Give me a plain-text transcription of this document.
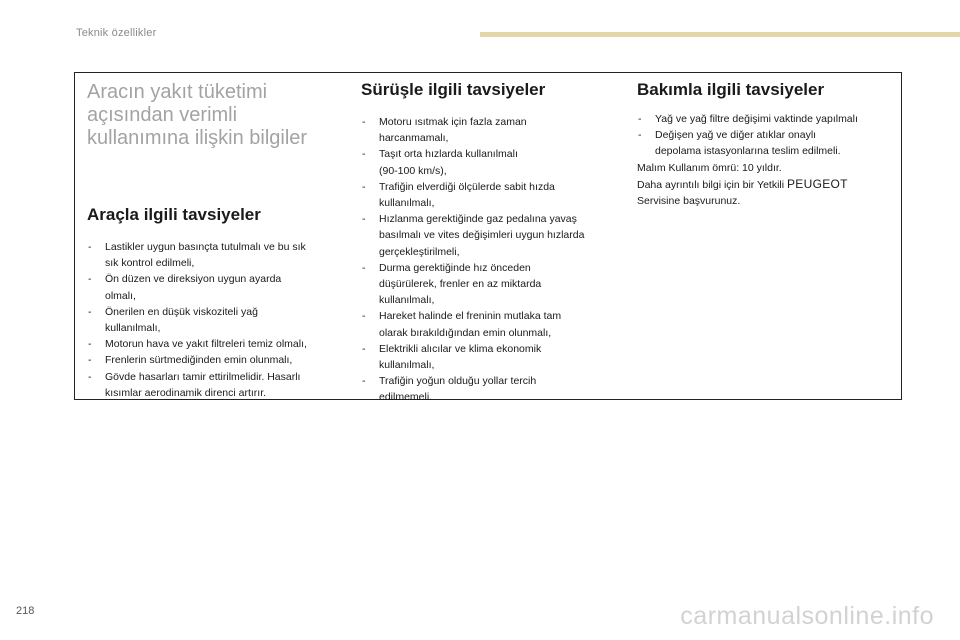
Teknik özellikler
Aracın yakıt tüketimi
açısından verimli
kullanımına ilişkin bilgiler
Araçla ilgili tavsiyeler
- Lastikler uygun basınçta tutulmalı ve bu sık
sık kontrol edilmeli,
- Ön düzen ve direksiyon uygun ayarda
olmalı,
- Önerilen en düşük viskoziteli yağ
kullanılmalı,
- Motorun hava ve yakıt filtreleri temiz olmalı,
- Frenlerin sürtmediğinden emin olunmalı,
- Gövde hasarları tamir ettirilmelidir. Hasarlı
kısımlar aerodinamik direnci artırır.
Sürüşle ilgili tavsiyeler
- Motoru ısıtmak için fazla zaman
harcanmamalı,
- Taşıt orta hızlarda kullanılmalı
(90-100 km/s),
- Trafiğin elverdiği ölçülerde sabit hızda
kullanılmalı,
- Hızlanma gerektiğinde gaz pedalına yavaş
basılmalı ve vites değişimleri uygun hızlarda
gerçekleştirilmeli,
- Durma gerektiğinde hız önceden
düşürülerek, frenler en az miktarda
kullanılmalı,
- Hareket halinde el freninin mutlaka tam
olarak bırakıldığından emin olunmalı,
- Elektrikli alıcılar ve klima ekonomik
kullanılmalı,
- Trafiğin yoğun olduğu yollar tercih
edilmemeli.
Bakımla ilgili tavsiyeler
- Yağ ve yağ filtre değişimi vaktinde yapılmalı
- Değişen yağ ve diğer atıklar onaylı
depolama istasyonlarına teslim edilmeli.

Malım Kullanım ömrü: 10 yıldır.
Daha ayrıntılı bilgi için bir Yetkili PEUGEOT
Servisine başvurunuz.

218	carmanualsonline.info
